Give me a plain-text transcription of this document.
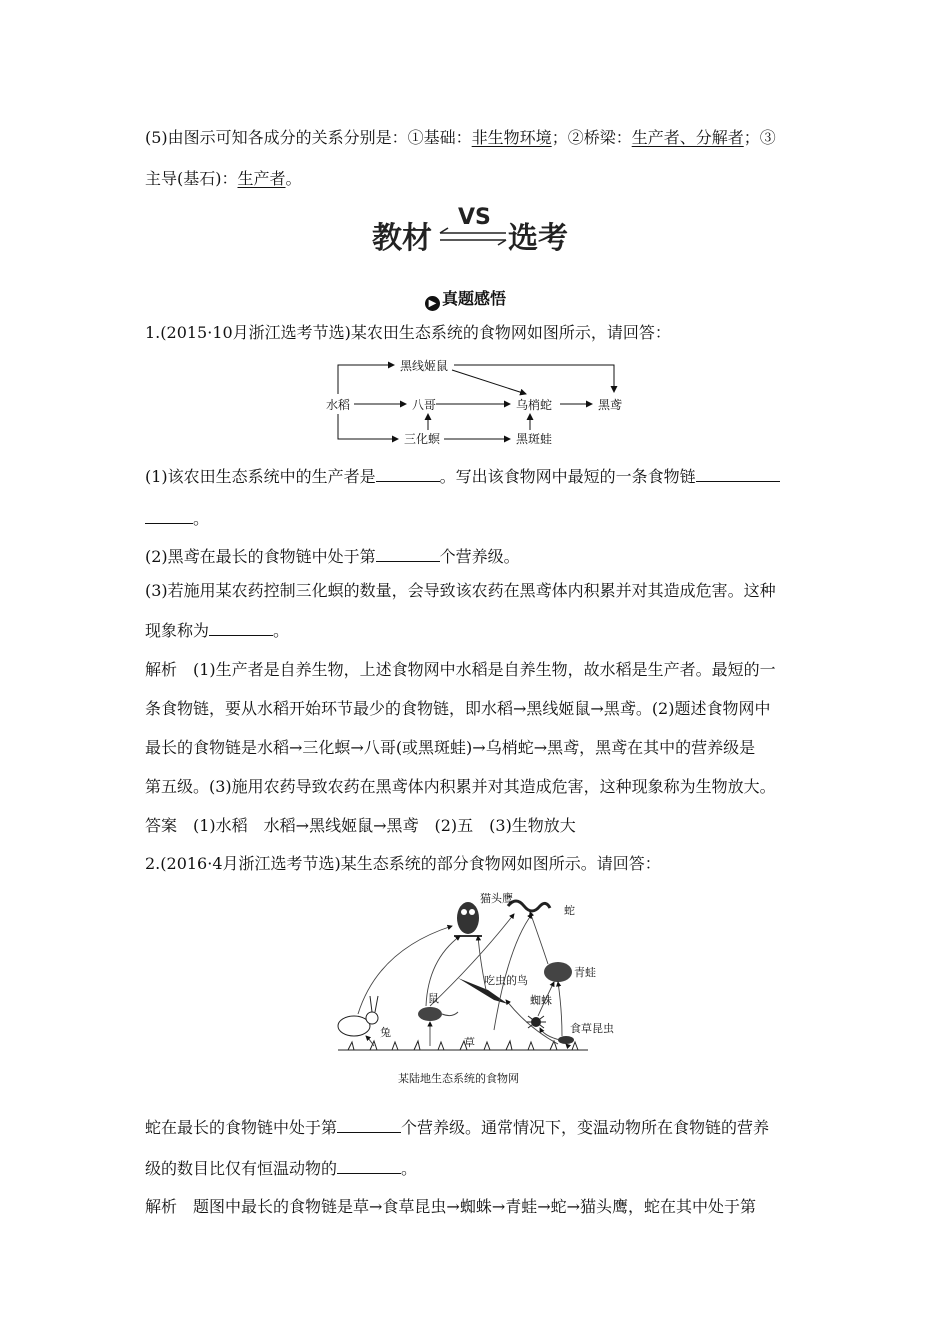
(5)由图示可知各成分的关系分别是：①基础：非生物环境；②桥梁：生产者、分解者；③
主导(基石)：生产者。
教材
VS
选考
▶ 真题感悟
1.(2015·10月浙江选考节选)某农田生态系统的食物网如图所示，请回答：
水稻
黑线姬鼠
八哥	乌梢蛇	黑鸢
三化螟	黑斑蛙
(1)该农田生态系统中的生产者是	。写出该食物网中最短的一条食物链
。
(2)黑鸢在最长的食物链中处于第	个营养级。
(3)若施用某农药控制三化螟的数量，会导致该农药在黑鸢体内积累并对其造成危害。这种
现象称为	。
解析　(1)生产者是自养生物，上述食物网中水稻是自养生物，故水稻是生产者。最短的一
条食物链，要从水稻开始环节最少的食物链，即水稻→黑线姬鼠→黑鸢。(2)题述食物网中
最长的食物链是水稻→三化螟→八哥(或黑斑蛙)→乌梢蛇→黑鸢，黑鸢在其中的营养级是
第五级。(3)施用农药导致农药在黑鸢体内积累并对其造成危害，这种现象称为生物放大。
答案　(1)水稻　水稻→黑线姬鼠→黑鸢　(2)五　(3)生物放大
2.(2016·4月浙江选考节选)某生态系统的部分食物网如图所示。请回答：
猫头鹰
蛇
吃虫的鸟
青蛙
鼠	蜘蛛
兔	食草昆虫
草
某陆地生态系统的食物网
蛇在最长的食物链中处于第	个营养级。通常情况下，变温动物所在食物链的营养
级的数目比仅有恒温动物的	。
解析　题图中最长的食物链是草→食草昆虫→蜘蛛→青蛙→蛇→猫头鹰，蛇在其中处于第
